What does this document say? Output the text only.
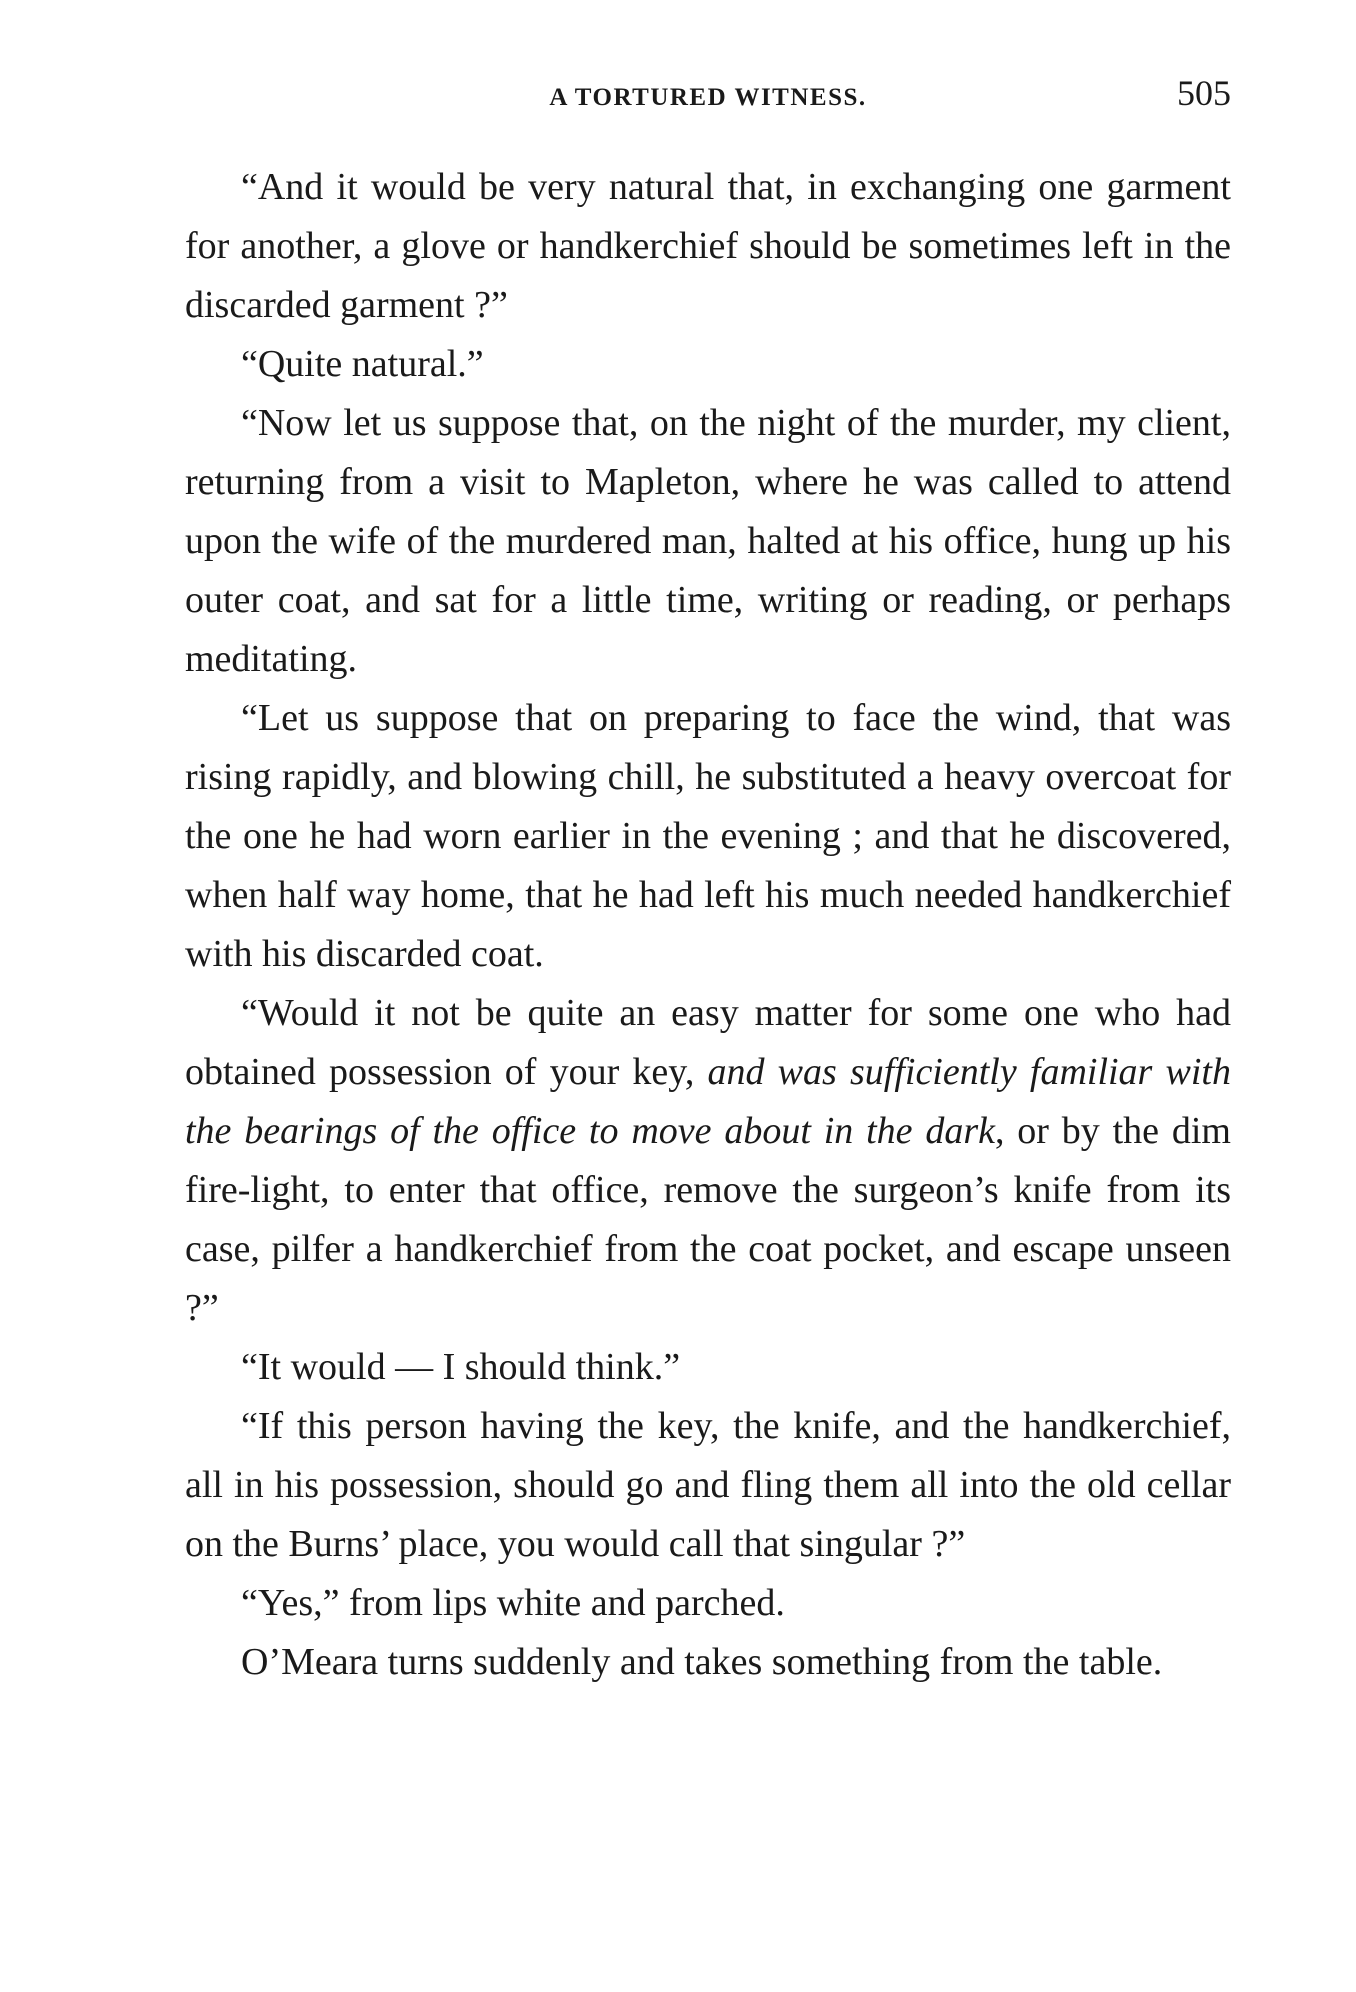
A TORTURED WITNESS.	505

“And it would be very natural that, in exchanging one garment for another, a glove or handkerchief should be sometimes left in the discarded garment ?”

“Quite natural.”

“Now let us suppose that, on the night of the murder, my client, returning from a visit to Mapleton, where he was called to attend upon the wife of the murdered man, halted at his office, hung up his outer coat, and sat for a little time, writing or reading, or perhaps meditating.

“Let us suppose that on preparing to face the wind, that was rising rapidly, and blowing chill, he substituted a heavy overcoat for the one he had worn earlier in the evening ; and that he discovered, when half way home, that he had left his much needed handkerchief with his discarded coat.

“Would it not be quite an easy matter for some one who had obtained possession of your key, and was sufficiently familiar with the bearings of the office to move about in the dark, or by the dim fire-light, to enter that office, remove the surgeon’s knife from its case, pilfer a handkerchief from the coat pocket, and escape unseen ?”

“It would — I should think.”

“If this person having the key, the knife, and the handkerchief, all in his possession, should go and fling them all into the old cellar on the Burns’ place, you would call that singular ?”

“Yes,” from lips white and parched.

O’Meara turns suddenly and takes something from the table.
